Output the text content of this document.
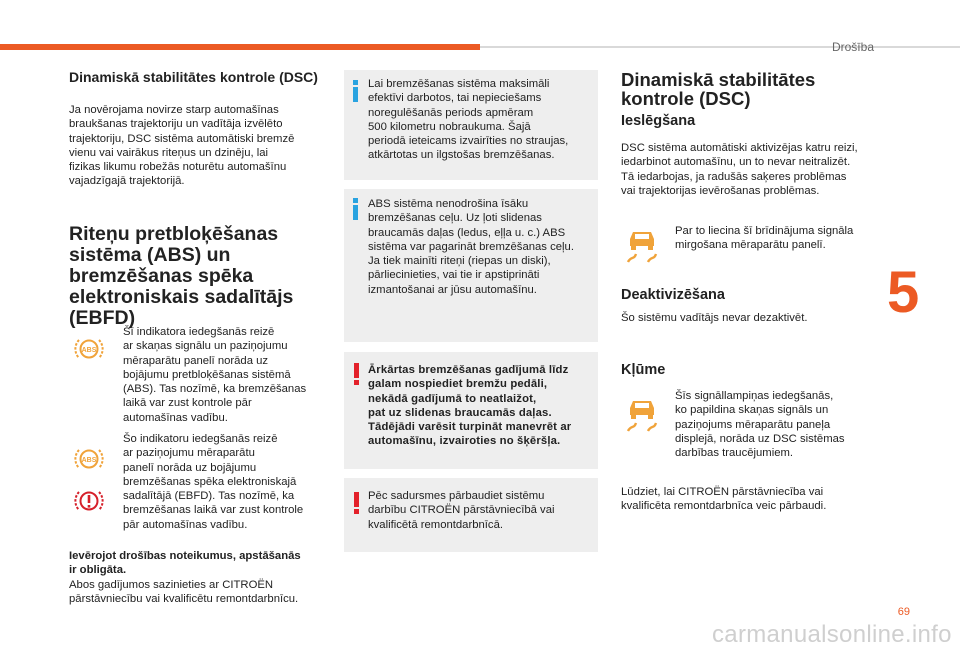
Drošība
5
Dinamiskā stabilitātes kontrole (DSC)
Ja novērojama novirze starp automašīnas
braukšanas trajektoriju un vadītāja izvēlēto
trajektoriju, DSC sistēma automātiski bremzē
vienu vai vairākus riteņus un dzinēju, lai
fizikas likumu robežās noturētu automašīnu
vajadzīgajā trajektorijā.
Riteņu pretbloķēšanas
sistēma (ABS) un
bremzēšanas spēka
elektroniskais sadalītājs
(EBFD)
ABS
Šī indikatora iedegšanās reizē
ar skaņas signālu un paziņojumu
mēraparātu panelī norāda uz
bojājumu pretbloķēšanas sistēmā
(ABS). Tas nozīmē, ka bremzēšanas
laikā var zust kontrole pār
automašīnas vadību.
ABS
Šo indikatoru iedegšanās reizē
ar paziņojumu mēraparātu
panelī norāda uz bojājumu
bremzēšanas spēka elektroniskajā
sadalītājā (EBFD). Tas nozīmē, ka
bremzēšanas laikā var zust kontrole
pār automašīnas vadību.
Ievērojot drošības noteikumus, apstāšanās
ir obligāta.
Abos gadījumos sazinieties ar CITROËN
pārstāvniecību vai kvalificētu remontdarbnīcu.
Lai bremzēšanas sistēma maksimāli
efektīvi darbotos, tai nepieciešams
noregulēšanās periods apmēram
500 kilometru nobraukuma. Šajā
periodā ieteicams izvairīties no straujas,
atkārtotas un ilgstošas bremzēšanas.
ABS sistēma nenodrošina īsāku
bremzēšanas ceļu. Uz ļoti slidenas
braucamās daļas (ledus, eļļa u. c.) ABS
sistēma var pagarināt bremzēšanas ceļu.
Ja tiek mainīti riteņi (riepas un diski),
pārliecinieties, vai tie ir apstiprināti
izmantošanai ar jūsu automašīnu.
Ārkārtas bremzēšanas gadījumā līdz
galam nospiediet bremžu pedāli,
nekādā gadījumā to neatlaižot,
pat uz slidenas braucamās daļas.
Tādējādi varēsit turpināt manevrēt ar
automašīnu, izvairoties no šķēršļa.
Pēc sadursmes pārbaudiet sistēmu
darbību CITROËN pārstāvniecībā vai
kvalificētā remontdarbnīcā.
Dinamiskā stabilitātes
kontrole (DSC)
Ieslēgšana
DSC sistēma automātiski aktivizējas katru reizi,
iedarbinot automašīnu, un to nevar neitralizēt.
Tā iedarbojas, ja radušās saķeres problēmas
vai trajektorijas ievērošanas problēmas.
Par to liecina šī brīdinājuma signāla
mirgošana mēraparātu panelī.
Deaktivizēšana
Šo sistēmu vadītājs nevar dezaktivēt.
Kļūme
Šīs signāllampiņas iedegšanās,
ko papildina skaņas signāls un
paziņojums mēraparātu paneļa
displejā, norāda uz DSC sistēmas
darbības traucējumiem.
Lūdziet, lai CITROËN pārstāvniecība vai
kvalificēta remontdarbnīca veic pārbaudi.
69
carmanualsonline.info
